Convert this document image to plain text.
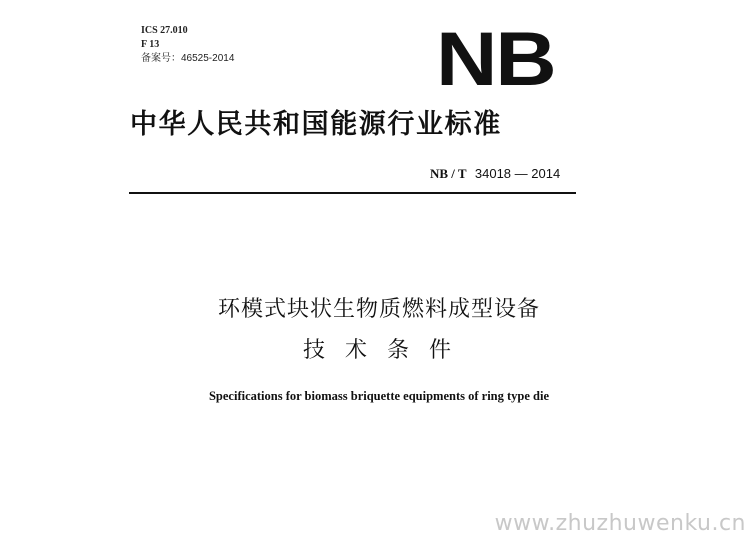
ICS 27.010
F 13
备案号：46525-2014	NB
中华人民共和国能源行业标准
NB / T 34018 — 2014
环模式块状生物质燃料成型设备
技术条件
Specifications for biomass briquette equipments of ring type die
www.zhuzhuwenku.cn
